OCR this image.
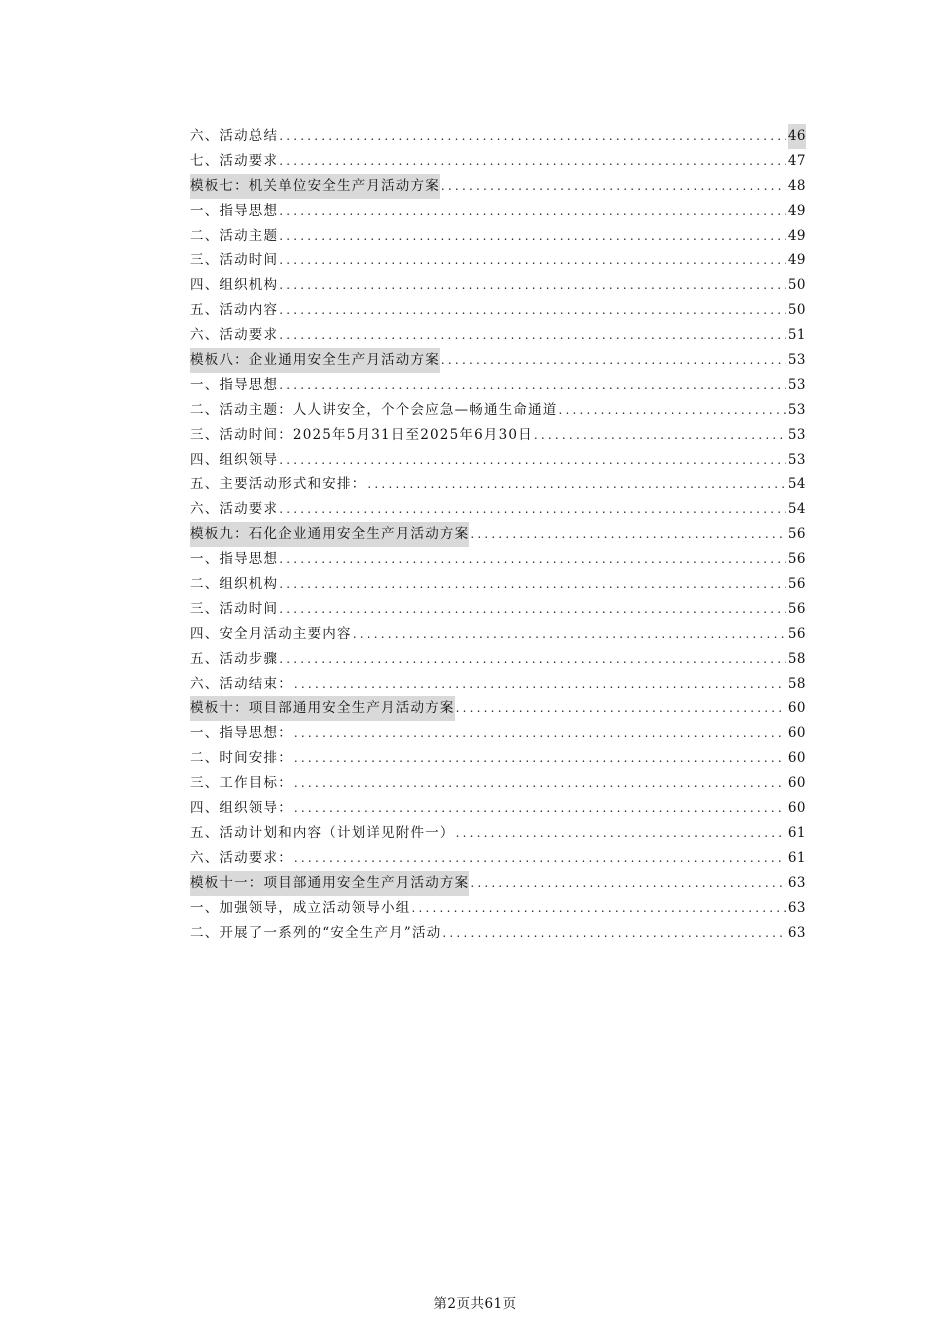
六、活动总结 .....	46
七、活动要求 .....	47
模板七：机关单位安全生产月活动方案 .....	48
一、指导思想 .....	49
二、活动主题 .....	49
三、活动时间 .....	49
四、组织机构 .....	50
五、活动内容 .....	50
六、活动要求 .....	51
模板八：企业通用安全生产月活动方案 .....	53
一、指导思想 .....	53
二、活动主题：人人讲安全，个个会应急—畅通生命通道 .....	53
三、活动时间：2025年5月31日至2025年6月30日 .....	53
四、组织领导 .....	53
五、主要活动形式和安排： .....	54
六、活动要求 .....	54
模板九：石化企业通用安全生产月活动方案 .....	56
一、指导思想 .....	56
二、组织机构 .....	56
三、活动时间 .....	56
四、安全月活动主要内容 .....	56
五、活动步骤 .....	58
六、活动结束： .....	58
模板十：项目部通用安全生产月活动方案 .....	60
一、指导思想： .....	60
二、时间安排： .....	60
三、工作目标： .....	60
四、组织领导： .....	60
五、活动计划和内容（计划详见附件一） .....	61
六、活动要求： .....	61
模板十一：项目部通用安全生产月活动方案 .....	63
一、加强领导，成立活动领导小组 .....	63
二、开展了一系列的“安全生产月”活动 .....	63
第2页共61页
